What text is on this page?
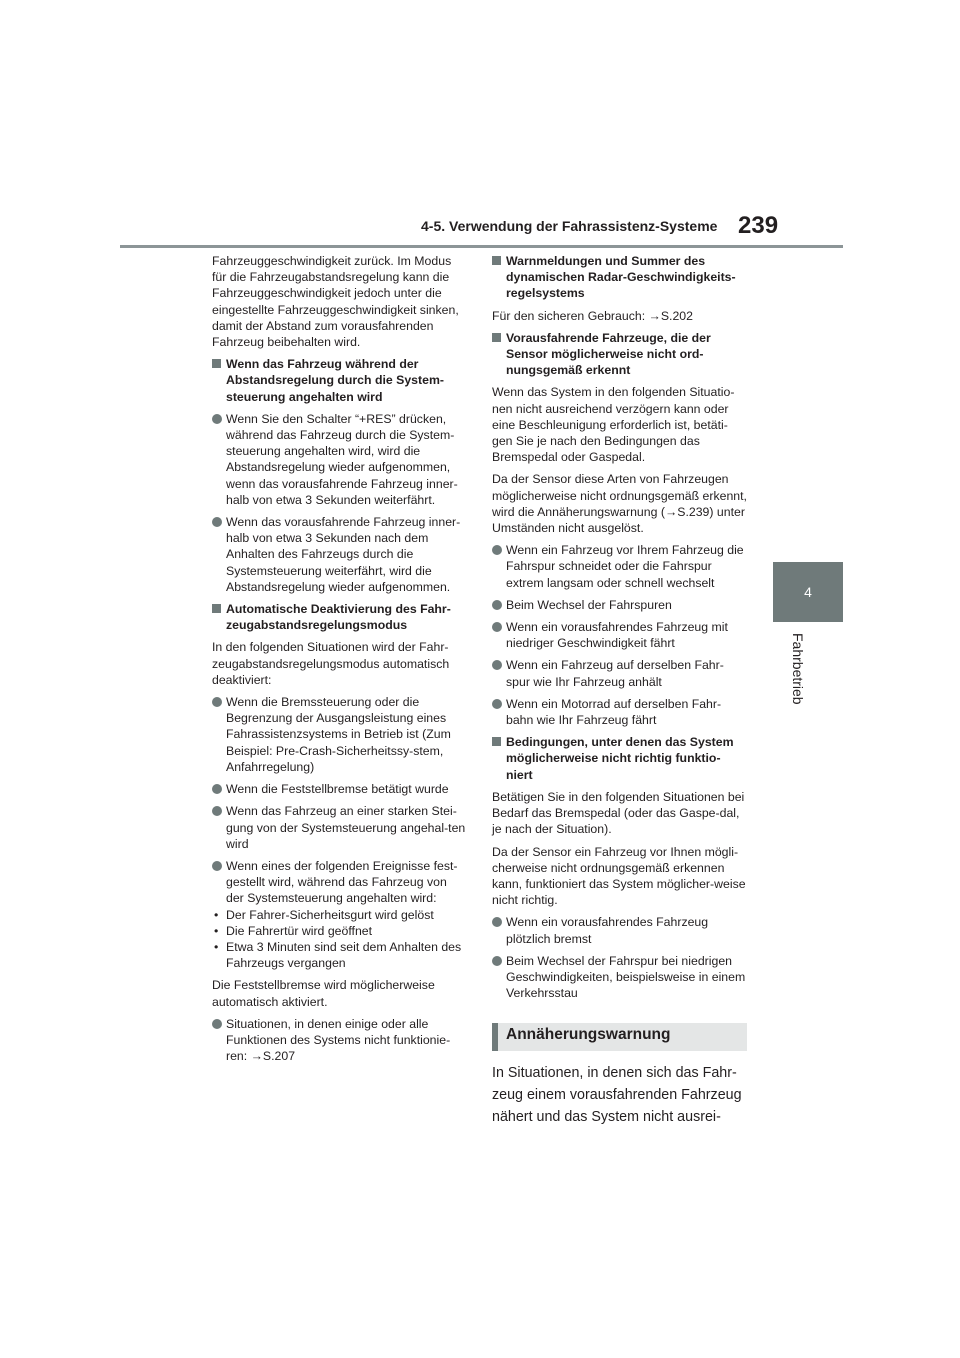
4-5. Verwendung der Fahrassistenz-Systeme 239
4
Fahrbetrieb

Fahrzeuggeschwindigkeit zurück. Im Modus für die Fahrzeugabstandsregelung kann die Fahrzeuggeschwindigkeit jedoch unter die eingestellte Fahrzeuggeschwindigkeit sinken, damit der Abstand zum vorausfahrenden Fahrzeug beibehalten wird.

Wenn das Fahrzeug während der Abstandsregelung durch die System-steuerung angehalten wird
Wenn Sie den Schalter “+RES” drücken, während das Fahrzeug durch die System-steuerung angehalten wird, wird die Abstandsregelung wieder aufgenommen, wenn das vorausfahrende Fahrzeug inner-halb von etwa 3 Sekunden weiterfährt.
Wenn das vorausfahrende Fahrzeug inner-halb von etwa 3 Sekunden nach dem Anhalten des Fahrzeugs durch die Systemsteuerung weiterfährt, wird die Abstandsregelung wieder aufgenommen.
Automatische Deaktivierung des Fahr-zeugabstandsregelungsmodus

In den folgenden Situationen wird der Fahr-zeugabstandsregelungsmodus automatisch deaktiviert:

Wenn die Bremssteuerung oder die Begrenzung der Ausgangsleistung eines Fahrassistenzsystems in Betrieb ist (Zum Beispiel: Pre-Crash-Sicherheitssy-stem, Anfahrregelung)
Wenn die Feststellbremse betätigt wurde
Wenn das Fahrzeug an einer starken Stei-gung von der Systemsteuerung angehal-ten wird
Wenn eines der folgenden Ereignisse fest-gestellt wird, während das Fahrzeug von der Systemsteuerung angehalten wird:
• Der Fahrer-Sicherheitsgurt wird gelöst
• Die Fahrertür wird geöffnet
• Etwa 3 Minuten sind seit dem Anhalten des Fahrzeugs vergangen

Die Feststellbremse wird möglicherweise automatisch aktiviert.

Situationen, in denen einige oder alle Funktionen des Systems nicht funktionie-ren: →S.207
Warnmeldungen und Summer des dynamischen Radar-Geschwindigkeits-regelsystems

Für den sicheren Gebrauch: →S.202

Vorausfahrende Fahrzeuge, die der Sensor möglicherweise nicht ord-nungsgemäß erkennt

Wenn das System in den folgenden Situatio-nen nicht ausreichend verzögern kann oder eine Beschleunigung erforderlich ist, betäti-gen Sie je nach den Bedingungen das Bremspedal oder Gaspedal.

Da der Sensor diese Arten von Fahrzeugen möglicherweise nicht ordnungsgemäß erkennt, wird die Annäherungswarnung (→S.239) unter Umständen nicht ausgelöst.

Wenn ein Fahrzeug vor Ihrem Fahrzeug die Fahrspur schneidet oder die Fahrspur extrem langsam oder schnell wechselt
Beim Wechsel der Fahrspuren
Wenn ein vorausfahrendes Fahrzeug mit niedriger Geschwindigkeit fährt
Wenn ein Fahrzeug auf derselben Fahr-spur wie Ihr Fahrzeug anhält
Wenn ein Motorrad auf derselben Fahr-bahn wie Ihr Fahrzeug fährt
Bedingungen, unter denen das System möglicherweise nicht richtig funktio-niert

Betätigen Sie in den folgenden Situationen bei Bedarf das Bremspedal (oder das Gaspe-dal, je nach der Situation).

Da der Sensor ein Fahrzeug vor Ihnen mögli-cherweise nicht ordnungsgemäß erkennen kann, funktioniert das System möglicher-weise nicht richtig.

Wenn ein vorausfahrendes Fahrzeug plötzlich bremst
Beim Wechsel der Fahrspur bei niedrigen Geschwindigkeiten, beispielsweise in einem Verkehrsstau
Annäherungswarnung

In Situationen, in denen sich das Fahr-zeug einem vorausfahrenden Fahrzeug nähert und das System nicht ausrei-
